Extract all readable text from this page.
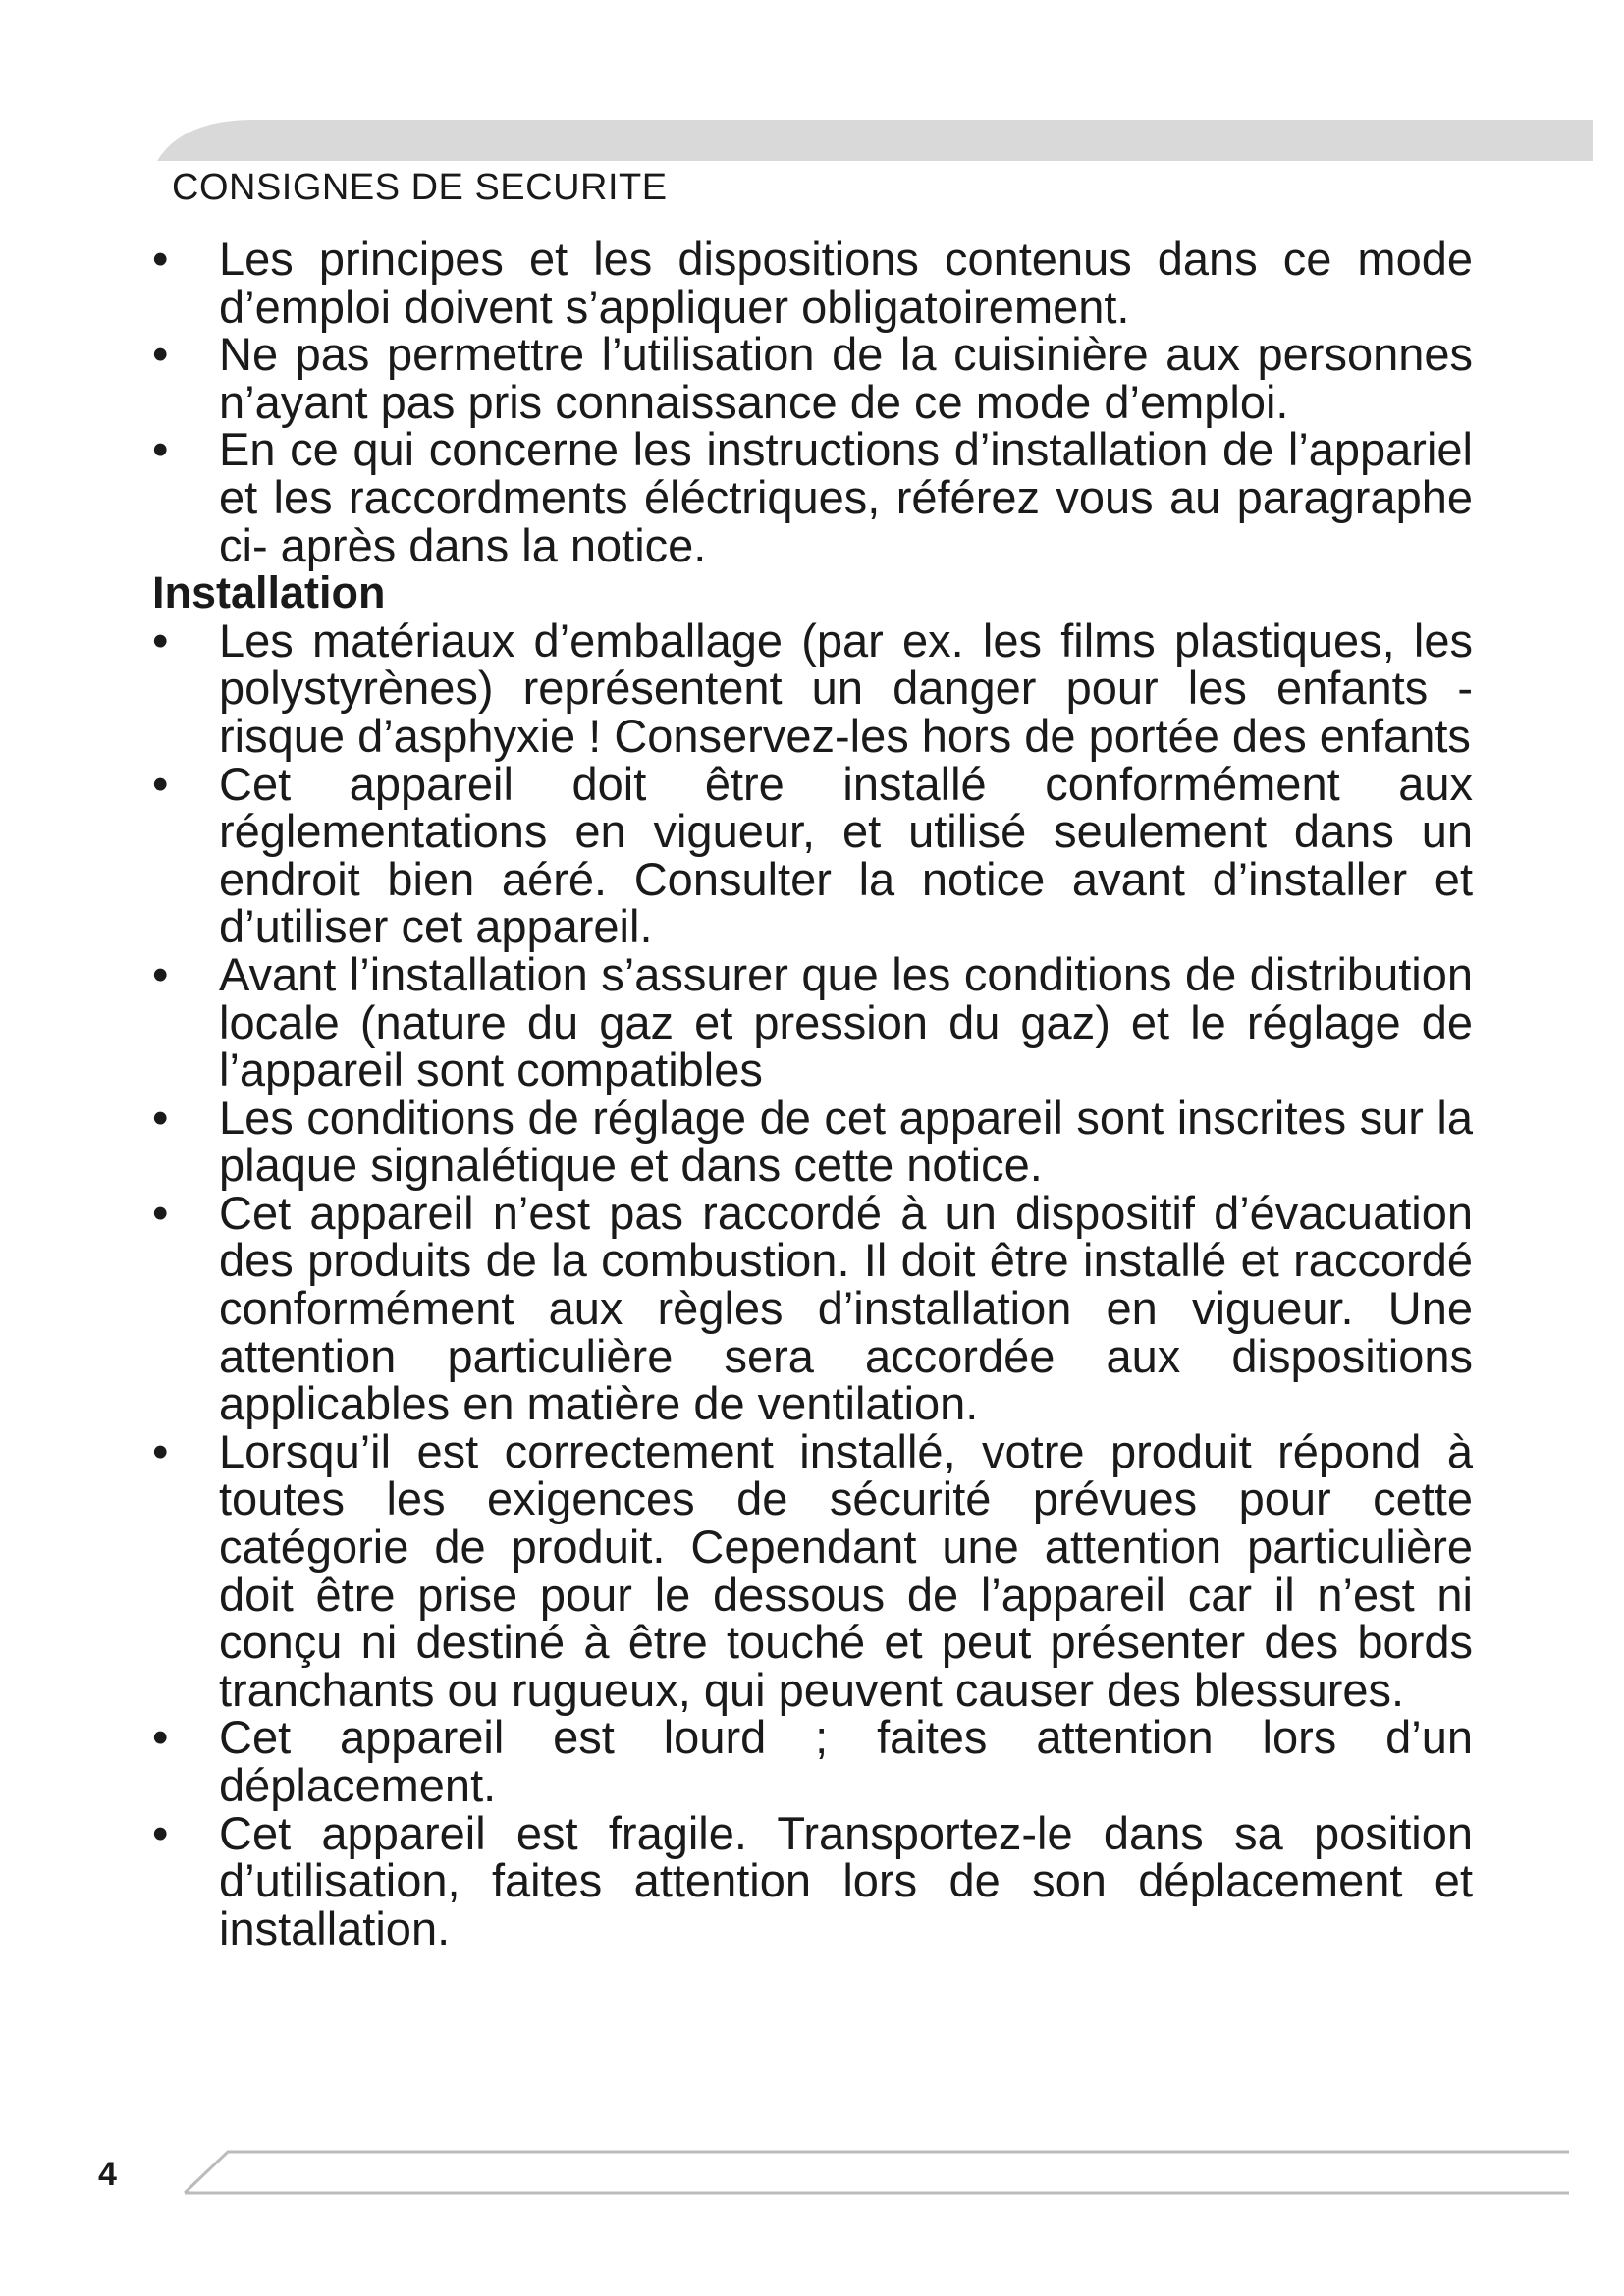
CONSIGNES DE SECURITE
• Les principes et les dispositions contenus dans ce mode d’emploi doivent s’appliquer obligatoirement.
• Ne pas permettre l’utilisation de la cuisinière aux personnes n’ayant pas pris connaissance de ce mode d’emploi.
• En ce qui concerne les instructions d’installation de l’appariel et les raccordments éléctriques, référez vous au paragraphe ci- après dans la notice.
Installation
• Les matériaux d’emballage (par ex. les films plastiques, les polystyrènes) représentent un danger pour les enfants - risque d’asphyxie ! Conservez-les hors de portée des enfants
• Cet appareil doit être installé conformément aux réglementations en vigueur, et utilisé seulement dans un endroit bien aéré. Consulter la notice avant d’installer et d’utiliser cet appareil.
• Avant l’installation s’assurer que les conditions de distribution locale (nature du gaz et pression du gaz) et le réglage de l’appareil sont compatibles
• Les conditions de réglage de cet appareil sont inscrites sur la plaque signalétique et dans cette notice.
• Cet appareil n’est pas raccordé à un dispositif d’évacuation des produits de la combustion. Il doit être installé et raccordé conformément aux règles d’installation en vigueur. Une attention particulière sera accordée aux dispositions applicables en matière de ventilation.
• Lorsqu’il est correctement installé, votre produit répond à toutes les exigences de sécurité prévues pour cette catégorie de produit. Cependant une attention particulière doit être prise pour le dessous de l’appareil car il n’est ni conçu ni destiné à être touché et peut présenter des bords tranchants ou rugueux, qui peuvent causer des blessures.
• Cet appareil est lourd ; faites attention lors d’un déplacement.
• Cet appareil est fragile. Transportez-le dans sa position d’utilisation, faites attention lors de son déplacement et installation.
4
